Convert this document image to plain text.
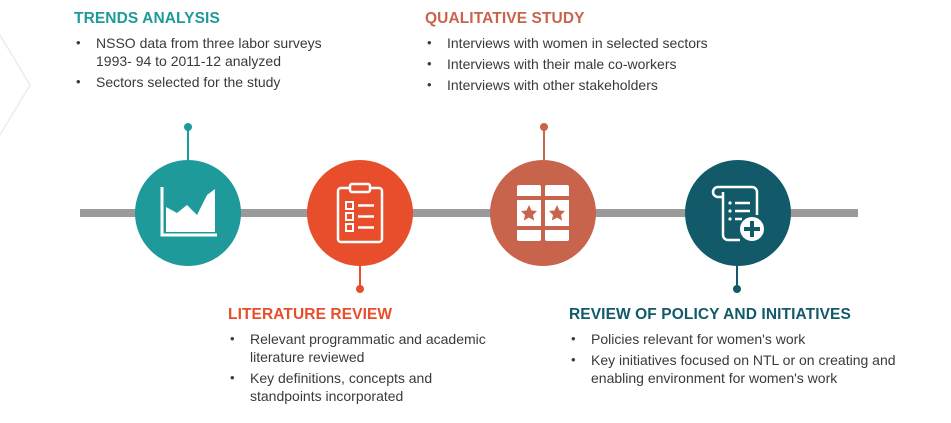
TRENDS ANALYSIS
• NSSO data from three labor surveys 1993- 94 to 2011-12 analyzed
• Sectors selected for the study
QUALITATIVE STUDY
• Interviews with women in selected sectors
• Interviews with their male co-workers
• Interviews with other stakeholders
LITERATURE REVIEW
• Relevant programmatic and academic literature reviewed
• Key definitions, concepts and standpoints incorporated
REVIEW OF POLICY AND INITIATIVES
• Policies relevant for women's work
• Key initiatives focused on NTL or on creating and enabling environment for women's work
